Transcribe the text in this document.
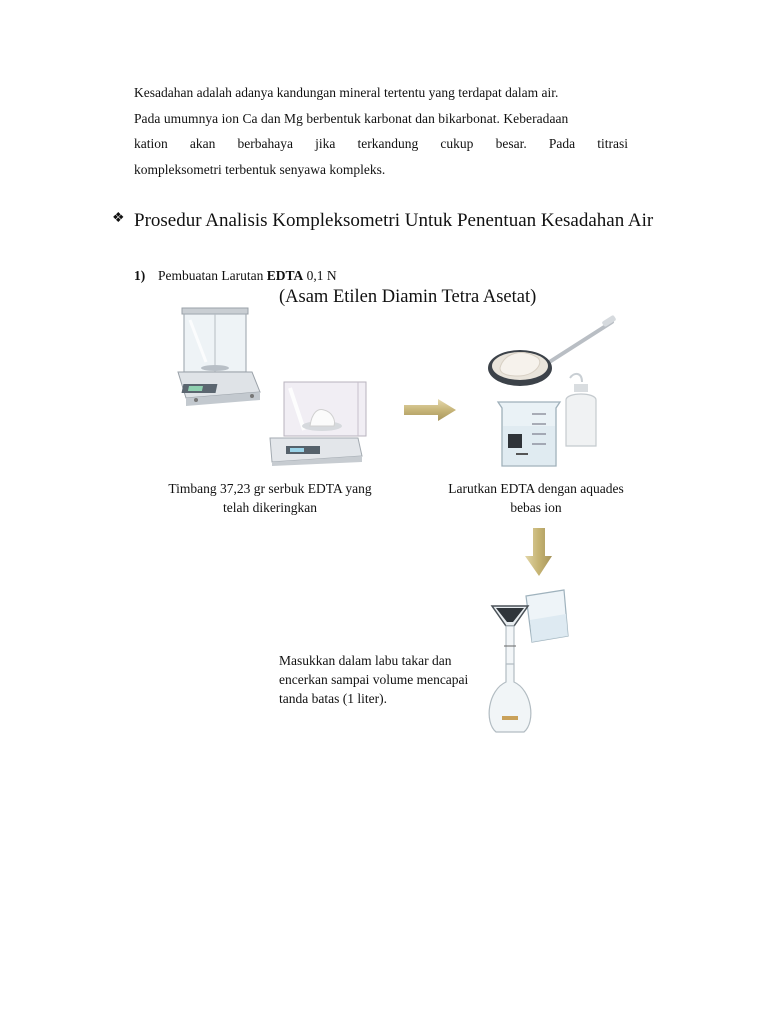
Kesadahan adalah adanya kandungan mineral tertentu yang terdapat dalam air.
Pada umumnya ion Ca dan Mg berbentuk karbonat dan bikarbonat. Keberadaan
kation akan berbahaya jika terkandung cukup besar. Pada titrasi
kompleksometri terbentuk senyawa kompleks.
❖ Prosedur Analisis Kompleksometri Untuk Penentuan Kesadahan Air
1) Pembuatan Larutan EDTA 0,1 N
(Asam Etilen Diamin Tetra Asetat)
Timbang 37,23 gr serbuk EDTA yang telah dikeringkan
Larutkan EDTA dengan aquades bebas ion
Masukkan dalam labu takar dan encerkan sampai volume mencapai tanda batas (1 liter).
